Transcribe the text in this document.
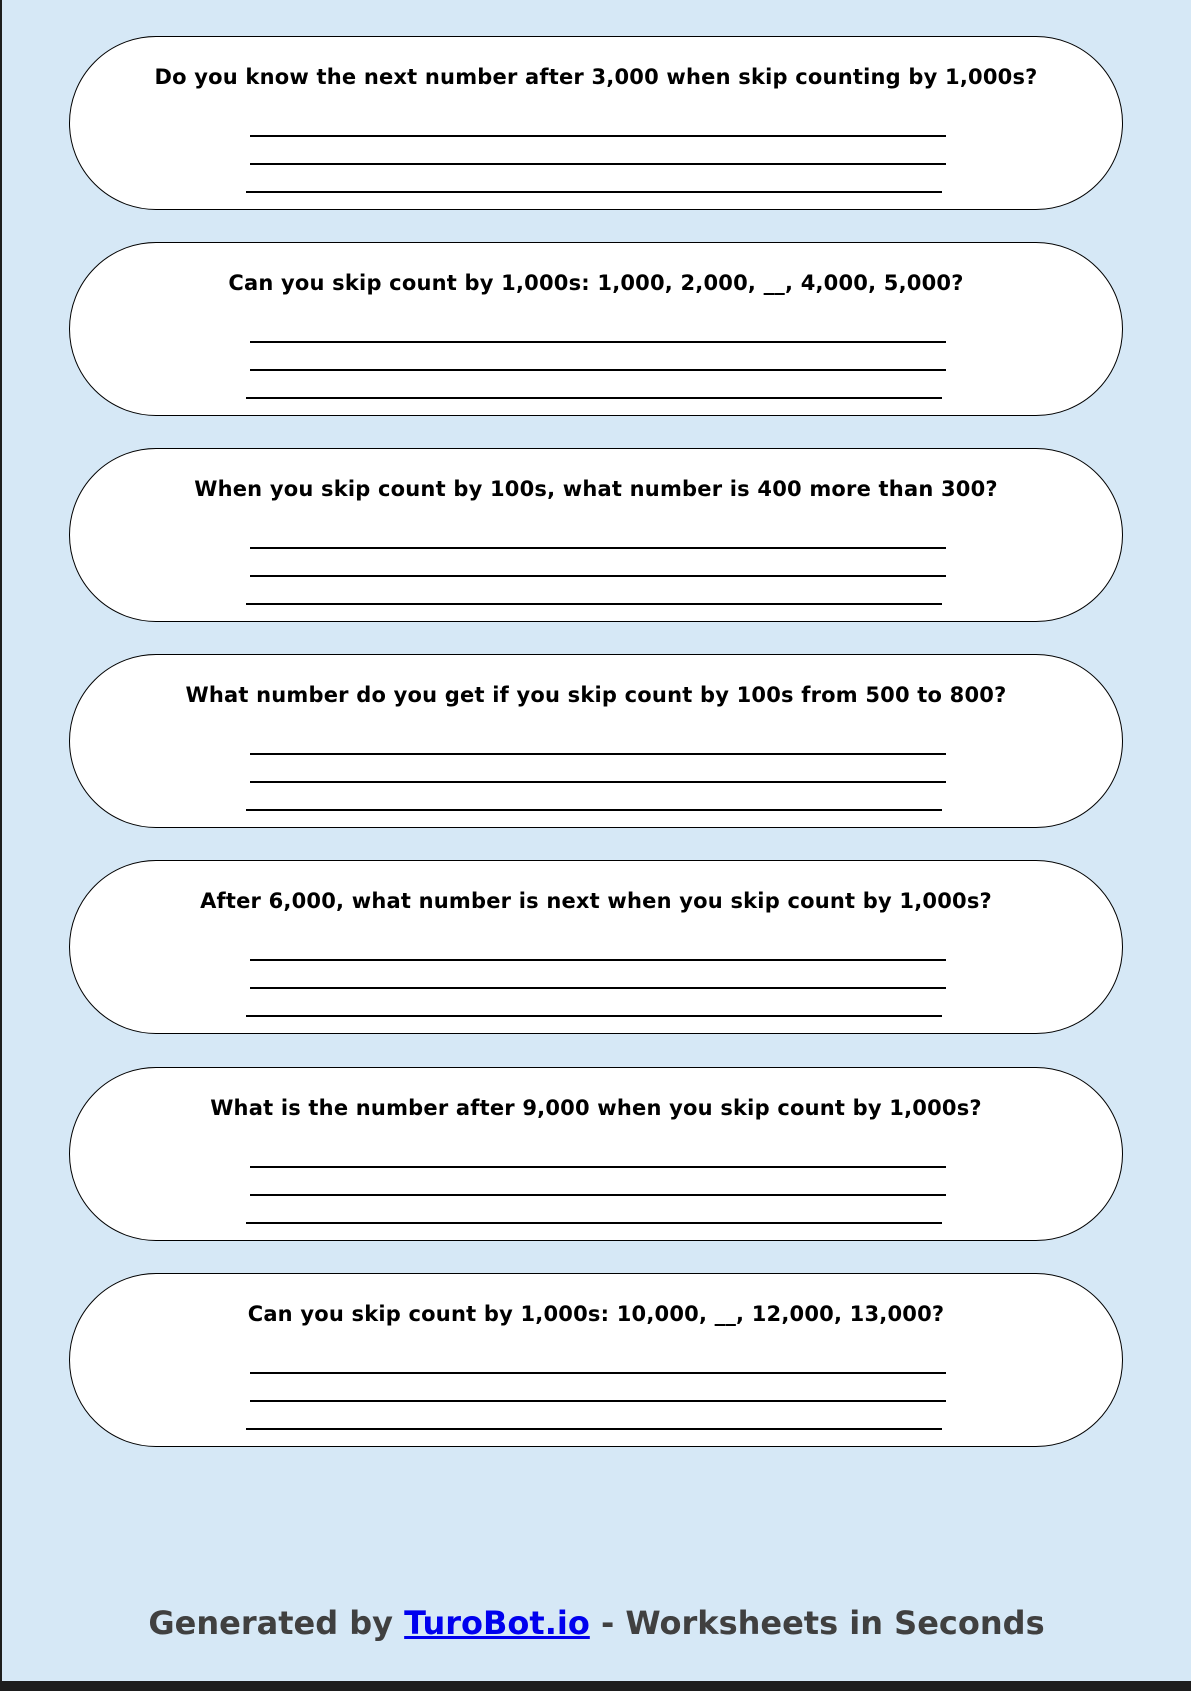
Do you know the next number after 3,000 when skip counting by 1,000s?
Can you skip count by 1,000s: 1,000, 2,000, __, 4,000, 5,000?
When you skip count by 100s, what number is 400 more than 300?
What number do you get if you skip count by 100s from 500 to 800?
After 6,000, what number is next when you skip count by 1,000s?
What is the number after 9,000 when you skip count by 1,000s?
Can you skip count by 1,000s: 10,000, __, 12,000, 13,000?
Generated by TuroBot.io - Worksheets in Seconds
